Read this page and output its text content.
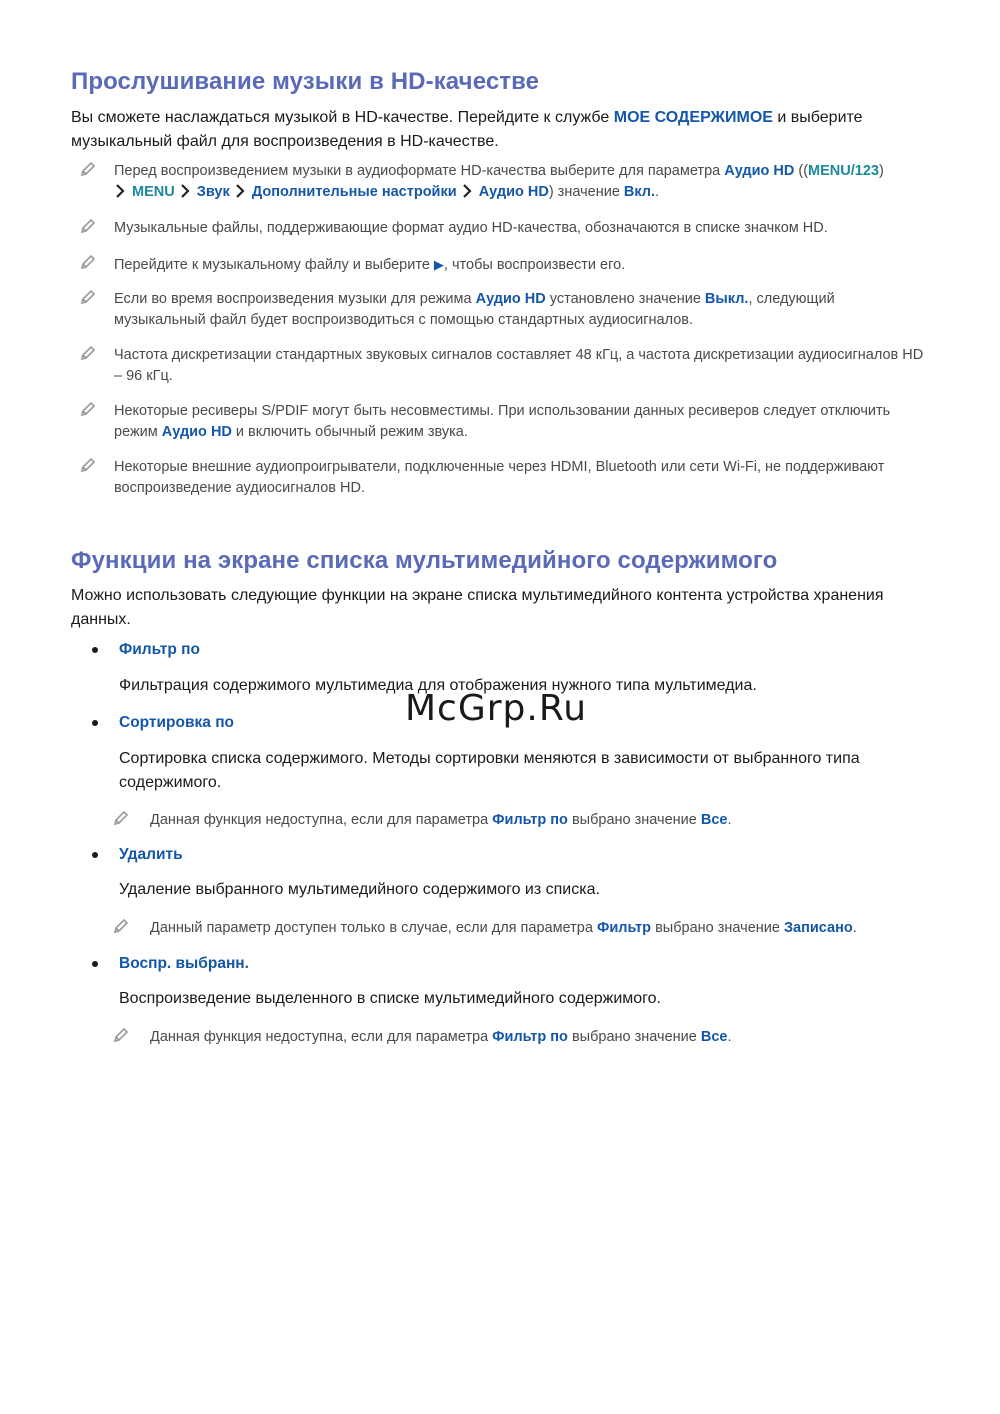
Прослушивание музыки в HD-качестве

Вы сможете наслаждаться музыкой в HD-качестве. Перейдите к службе МОЕ СОДЕРЖИМОЕ и выберите музыкальный файл для воспроизведения в HD-качестве.

Перед воспроизведением музыки в аудиоформате HD-качества выберите для параметра Аудио HD ((MENU/123)
MENU Звук Дополнительные настройки Аудио HD) значение Вкл..
Музыкальные файлы, поддерживающие формат аудио HD-качества, обозначаются в списке значком HD.
Перейдите к музыкальному файлу и выберите ▶, чтобы воспроизвести его.
Если во время воспроизведения музыки для режима Аудио HD установлено значение Выкл., следующий музыкальный файл будет воспроизводиться с помощью стандартных аудиосигналов.
Частота дискретизации стандартных звуковых сигналов составляет 48 кГц, а частота дискретизации аудиосигналов HD – 96 кГц.
Некоторые ресиверы S/PDIF могут быть несовместимы. При использовании данных ресиверов следует отключить режим Аудио HD и включить обычный режим звука.
Некоторые внешние аудиопроигрыватели, подключенные через HDMI, Bluetooth или сети Wi-Fi, не поддерживают воспроизведение аудиосигналов HD.
Функции на экране списка мультимедийного содержимого

Можно использовать следующие функции на экране списка мультимедийного контента устройства хранения данных.

Фильтр по

Фильтрация содержимого мультимедиа для отображения нужного типа мультимедиа.

Сортировка по

Сортировка списка содержимого. Методы сортировки меняются в зависимости от выбранного типа содержимого.

Данная функция недоступна, если для параметра Фильтр по выбрано значение Все.
Удалить

Удаление выбранного мультимедийного содержимого из списка.

Данный параметр доступен только в случае, если для параметра Фильтр выбрано значение Записано.
Воспр. выбранн.

Воспроизведение выделенного в списке мультимедийного содержимого.

Данная функция недоступна, если для параметра Фильтр по выбрано значение Все.
McGrp.Ru
